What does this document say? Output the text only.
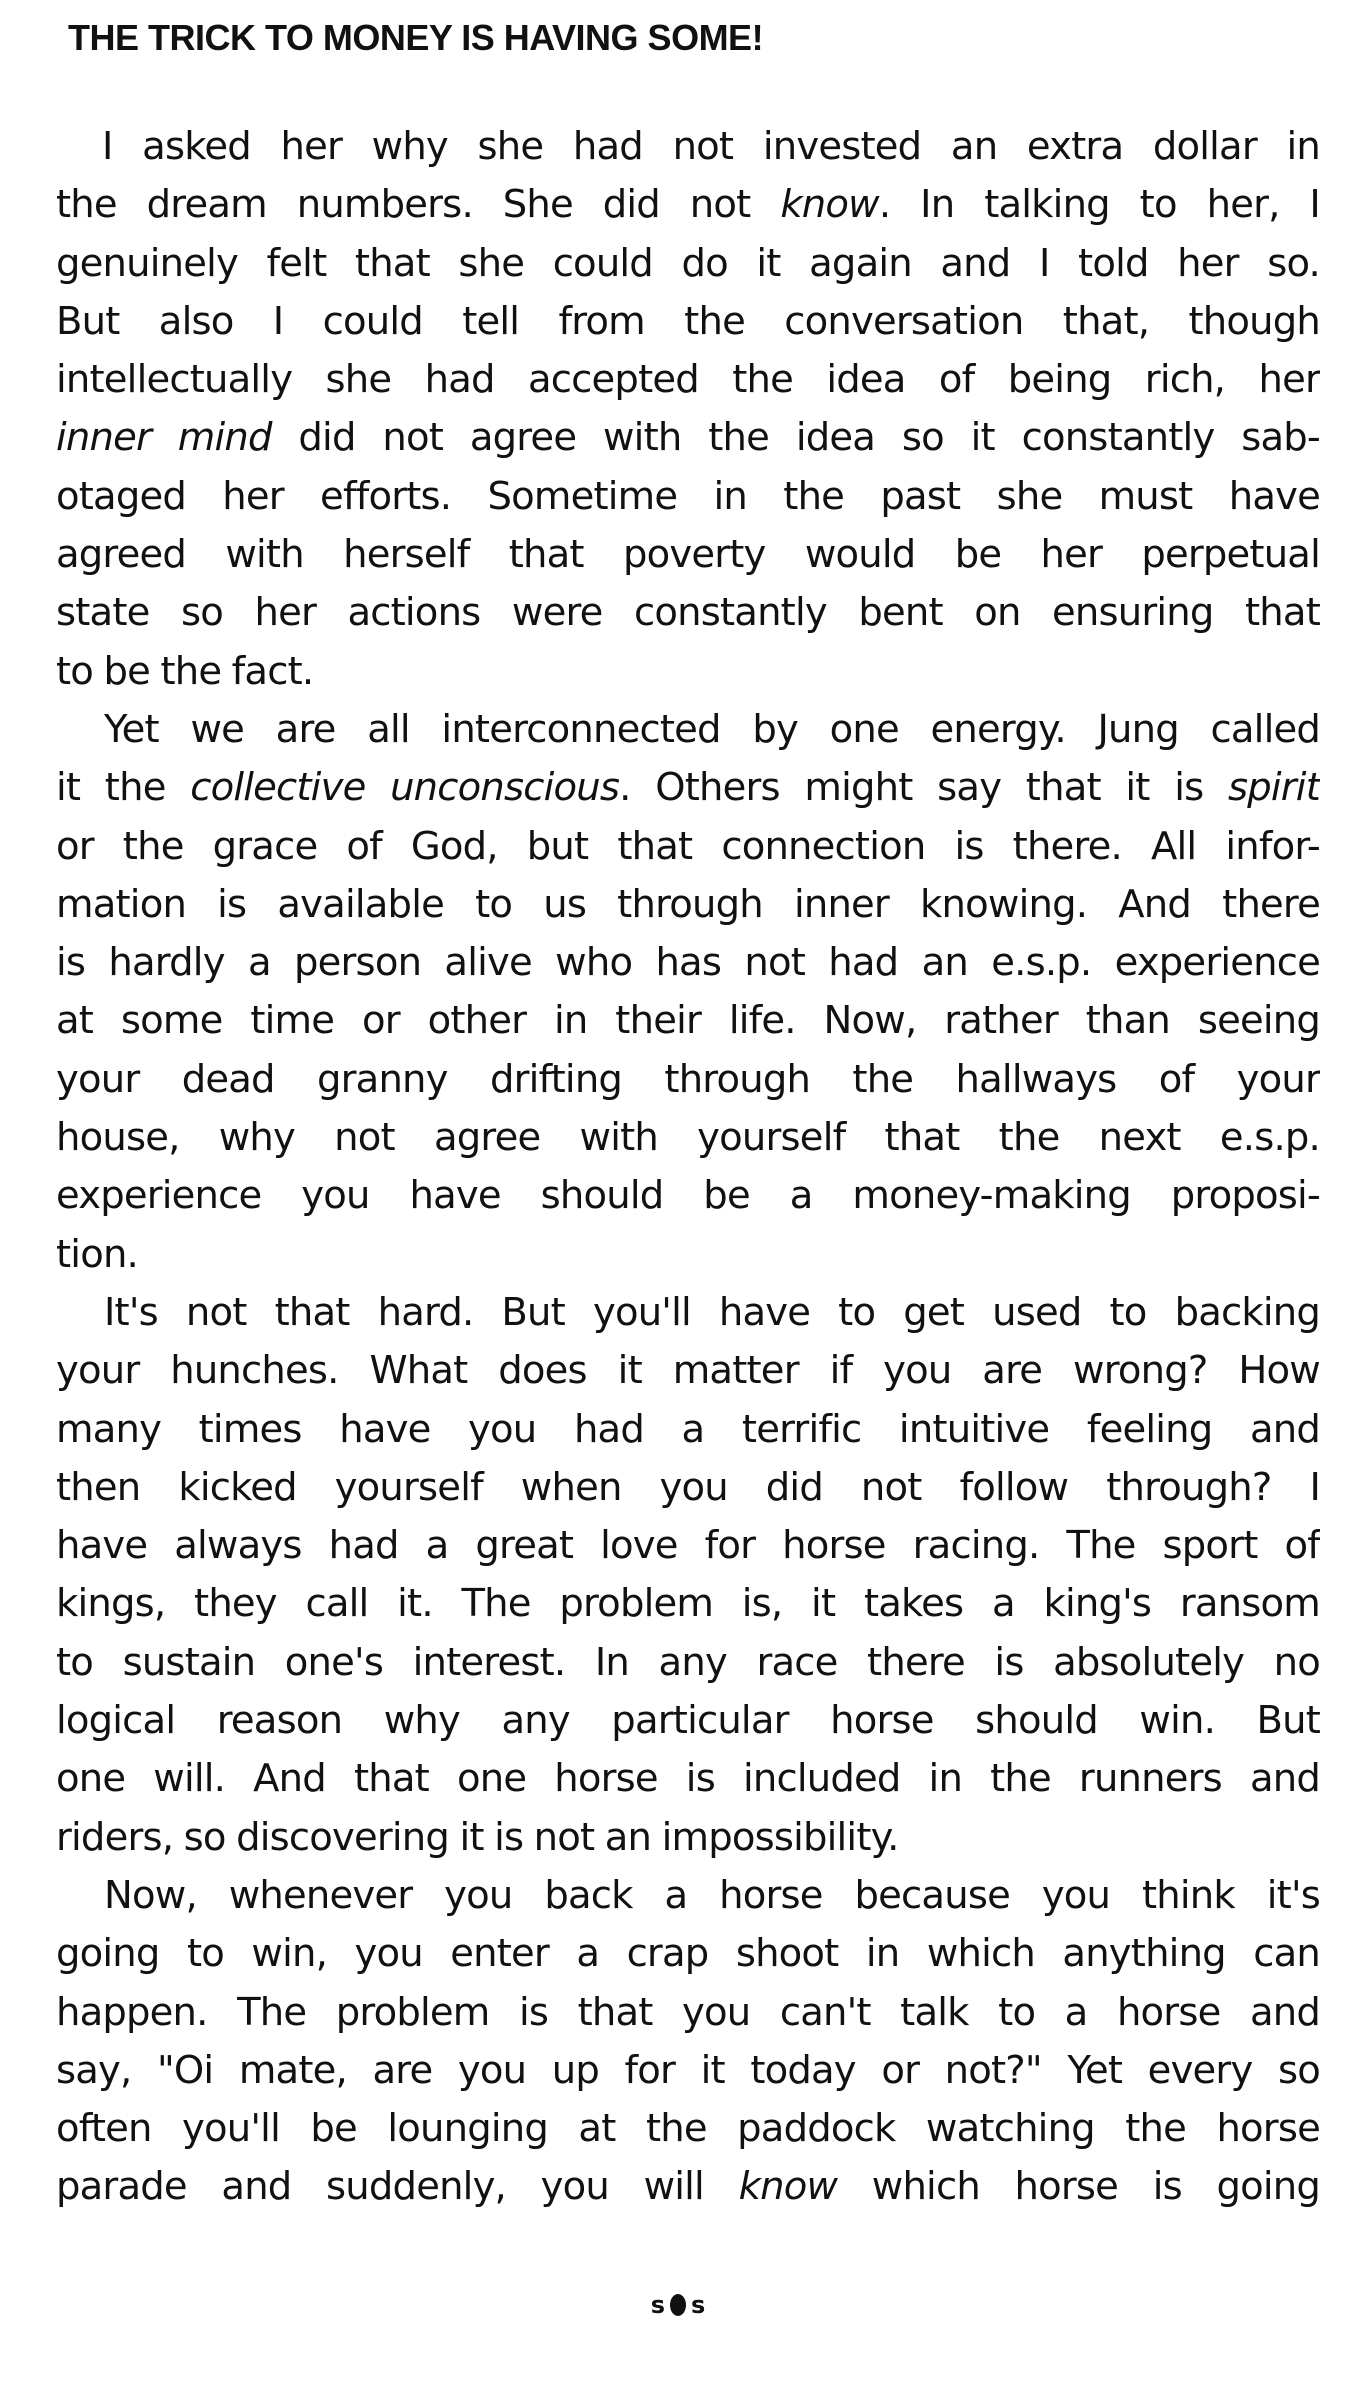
THE TRICK TO MONEY IS HAVING SOME!
I asked her why she had not invested an extra dollar in
the dream numbers. She did not know. In talking to her, I
genuinely felt that she could do it again and I told her so.
But also I could tell from the conversation that, though
intellectually she had accepted the idea of being rich, her
inner mind did not agree with the idea so it constantly sab-
otaged her efforts. Sometime in the past she must have
agreed with herself that poverty would be her perpetual
state so her actions were constantly bent on ensuring that
to be the fact.
Yet we are all interconnected by one energy. Jung called
it the collective unconscious. Others might say that it is spirit
or the grace of God, but that connection is there. All infor-
mation is available to us through inner knowing. And there
is hardly a person alive who has not had an e.s.p. experience
at some time or other in their life. Now, rather than seeing
your dead granny drifting through the hallways of your
house, why not agree with yourself that the next e.s.p.
experience you have should be a money-making proposi-
tion.
It's not that hard. But you'll have to get used to backing
your hunches. What does it matter if you are wrong? How
many times have you had a terrific intuitive feeling and
then kicked yourself when you did not follow through? I
have always had a great love for horse racing. The sport of
kings, they call it. The problem is, it takes a king's ransom
to sustain one's interest. In any race there is absolutely no
logical reason why any particular horse should win. But
one will. And that one horse is included in the runners and
riders, so discovering it is not an impossibility.
Now, whenever you back a horse because you think it's
going to win, you enter a crap shoot in which anything can
happen. The problem is that you can't talk to a horse and
say, "Oi mate, are you up for it today or not?" Yet every so
often you'll be lounging at the paddock watching the horse
parade and suddenly, you will know which horse is going
s s
